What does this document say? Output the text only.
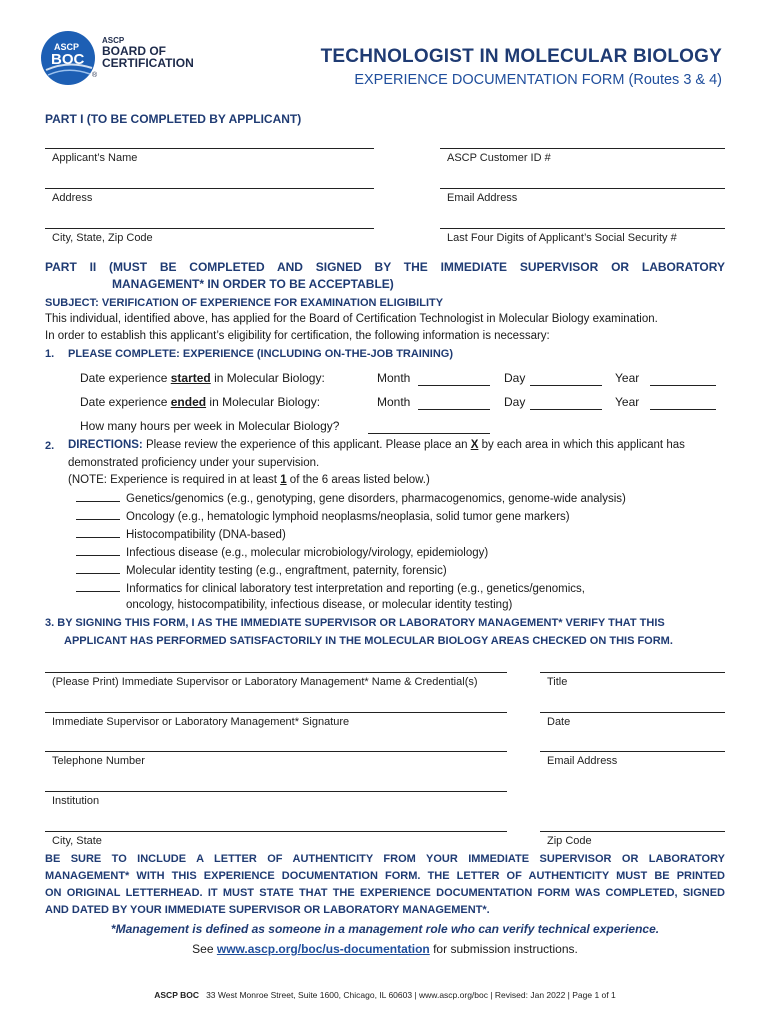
ASCP
BOC
ASCP
BOARD OF
CERTIFICATION
®
TECHNOLOGIST IN MOLECULAR BIOLOGY
EXPERIENCE DOCUMENTATION FORM (Routes 3 & 4)
PART I (TO BE COMPLETED BY APPLICANT)
Applicant’s Name	ASCP Customer ID #
Address	Email Address
City, State, Zip Code	Last Four Digits of Applicant’s Social Security #
PART II (MUST BE COMPLETED AND SIGNED BY THE IMMEDIATE SUPERVISOR OR LABORATORY
MANAGEMENT* IN ORDER TO BE ACCEPTABLE)
SUBJECT: VERIFICATION OF EXPERIENCE FOR EXAMINATION ELIGIBILITY
This individual, identified above, has applied for the Board of Certification Technologist in Molecular Biology examination.
In order to establish this applicant’s eligibility for certification, the following information is necessary:
1. PLEASE COMPLETE: EXPERIENCE (INCLUDING ON-THE-JOB TRAINING)
Date experience started in Molecular Biology:	Month	Day	Year
Date experience ended in Molecular Biology:	Month	Day	Year
How many hours per week in Molecular Biology?
2. DIRECTIONS: Please review the experience of this applicant. Please place an X by each area in which this applicant has
demonstrated proficiency under your supervision.
(NOTE: Experience is required in at least 1 of the 6 areas listed below.)
Genetics/genomics (e.g., genotyping, gene disorders, pharmacogenomics, genome-wide analysis)
Oncology (e.g., hematologic lymphoid neoplasms/neoplasia, solid tumor gene markers)
Histocompatibility (DNA-based)
Infectious disease (e.g., molecular microbiology/virology, epidemiology)
Molecular identity testing (e.g., engraftment, paternity, forensic)
Informatics for clinical laboratory test interpretation and reporting (e.g., genetics/genomics,
oncology, histocompatibility, infectious disease, or molecular identity testing)
3. BY SIGNING THIS FORM, I AS THE IMMEDIATE SUPERVISOR OR LABORATORY MANAGEMENT* VERIFY THAT THIS
APPLICANT HAS PERFORMED SATISFACTORILY IN THE MOLECULAR BIOLOGY AREAS CHECKED ON THIS FORM.
(Please Print) Immediate Supervisor or Laboratory Management* Name & Credential(s)	Title
Immediate Supervisor or Laboratory Management* Signature	Date
Telephone Number	Email Address
Institution
City, State	Zip Code
BE SURE TO INCLUDE A LETTER OF AUTHENTICITY FROM YOUR IMMEDIATE SUPERVISOR OR LABORATORY
MANAGEMENT* WITH THIS EXPERIENCE DOCUMENTATION FORM. THE LETTER OF AUTHENTICITY MUST BE PRINTED
ON ORIGINAL LETTERHEAD. IT MUST STATE THAT THE EXPERIENCE DOCUMENTATION FORM WAS COMPLETED, SIGNED
AND DATED BY YOUR IMMEDIATE SUPERVISOR OR LABORATORY MANAGEMENT*.
*Management is defined as someone in a management role who can verify technical experience.
See www.ascp.org/boc/us-documentation for submission instructions.
ASCP BOC 33 West Monroe Street, Suite 1600, Chicago, IL 60603 | www.ascp.org/boc | Revised: Jan 2022 | Page 1 of 1
